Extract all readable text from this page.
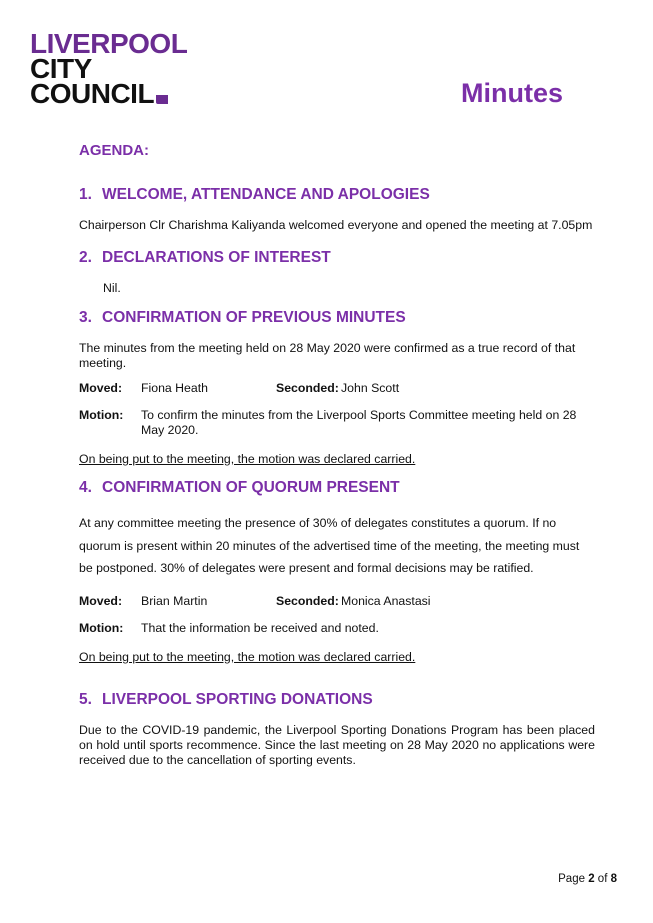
LIVERPOOL
CITY
COUNCIL	Minutes
AGENDA:
1. WELCOME, ATTENDANCE AND APOLOGIES

Chairperson Clr Charishma Kaliyanda welcomed everyone and opened the meeting at 7.05pm

2. DECLARATIONS OF INTEREST

Nil.

3. CONFIRMATION OF PREVIOUS MINUTES

The minutes from the meeting held on 28 May 2020 were confirmed as a true record of that meeting.

Moved: Fiona Heath	Seconded: John Scott
Motion: To confirm the minutes from the Liverpool Sports Committee meeting held on 28 May 2020.

On being put to the meeting, the motion was declared carried.

4. CONFIRMATION OF QUORUM PRESENT

At any committee meeting the presence of 30% of delegates constitutes a quorum. If no quorum is present within 20 minutes of the advertised time of the meeting, the meeting must be postponed. 30% of delegates were present and formal decisions may be ratified.

Moved: Brian Martin	Seconded: Monica Anastasi
Motion: That the information be received and noted.

On being put to the meeting, the motion was declared carried.

5. LIVERPOOL SPORTING DONATIONS

Due to the COVID-19 pandemic, the Liverpool Sporting Donations Program has been placed on hold until sports recommence. Since the last meeting on 28 May 2020 no applications were received due to the cancellation of sporting events.

Page 2 of 8
